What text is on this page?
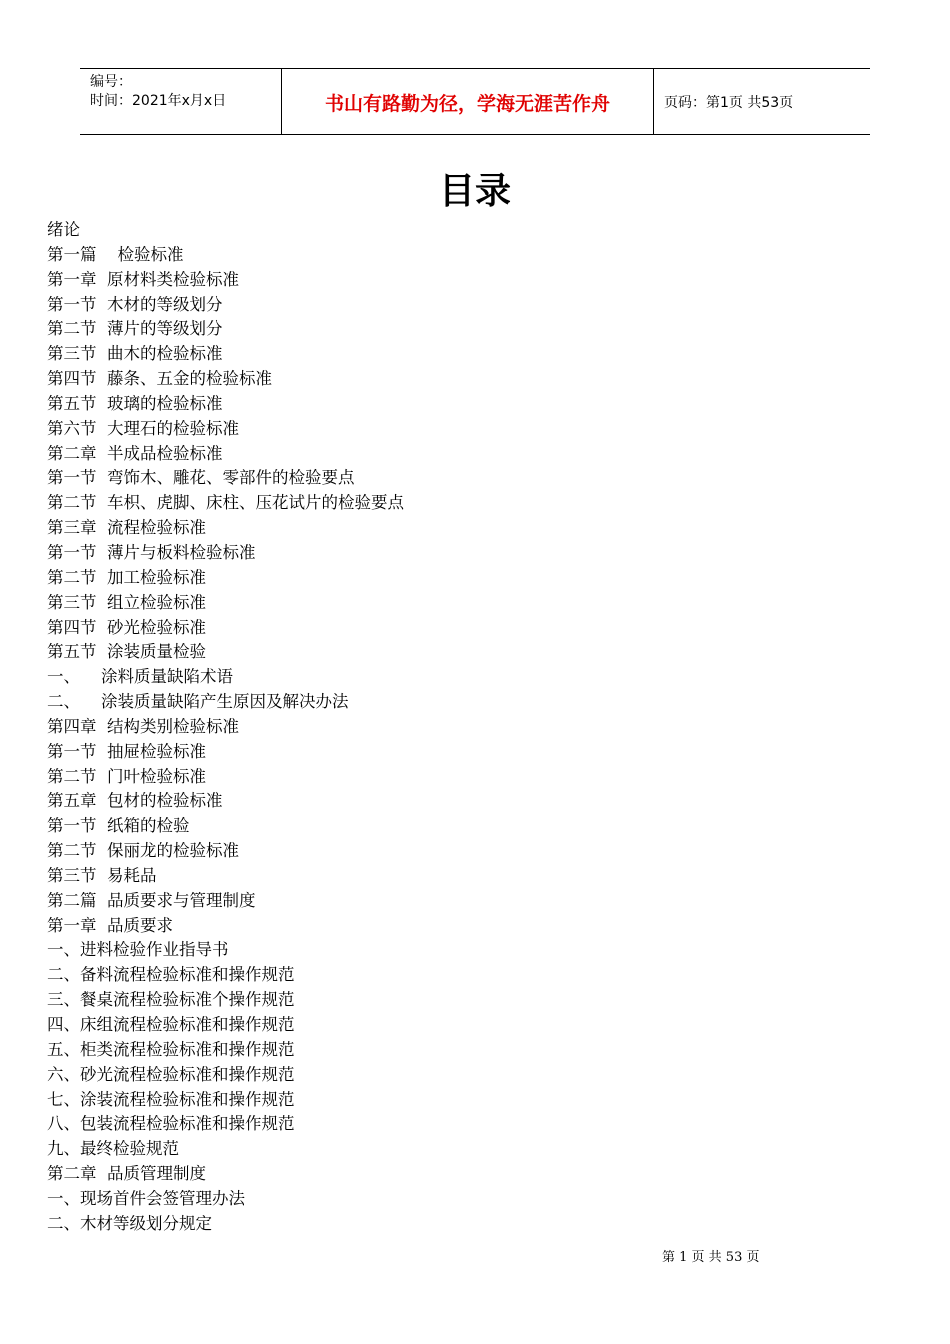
编号：
时间：2021年x月x日	书山有路勤为径，学海无涯苦作舟	页码：第1页 共53页
目录
绪论
第一篇    检验标准
第一章  原材料类检验标准
第一节  木材的等级划分
第二节  薄片的等级划分
第三节  曲木的检验标准
第四节  藤条、五金的检验标准
第五节  玻璃的检验标准
第六节  大理石的检验标准
第二章  半成品检验标准
第一节  弯饰木、雕花、零部件的检验要点
第二节  车枳、虎脚、床柱、压花试片的检验要点
第三章  流程检验标准
第一节  薄片与板料检验标准
第二节  加工检验标准
第三节  组立检验标准
第四节  砂光检验标准
第五节  涂装质量检验
一、    涂料质量缺陷术语
二、    涂装质量缺陷产生原因及解决办法
第四章  结构类别检验标准
第一节  抽屉检验标准
第二节  门叶检验标准
第五章  包材的检验标准
第一节  纸箱的检验
第二节  保丽龙的检验标准
第三节  易耗品
第二篇  品质要求与管理制度
第一章  品质要求
一、进料检验作业指导书
二、备料流程检验标准和操作规范
三、餐桌流程检验标准个操作规范
四、床组流程检验标准和操作规范
五、柜类流程检验标准和操作规范
六、砂光流程检验标准和操作规范
七、涂装流程检验标准和操作规范
八、包装流程检验标准和操作规范
九、最终检验规范
第二章  品质管理制度
一、现场首件会签管理办法
二、木材等级划分规定
第 1 页 共 53 页
